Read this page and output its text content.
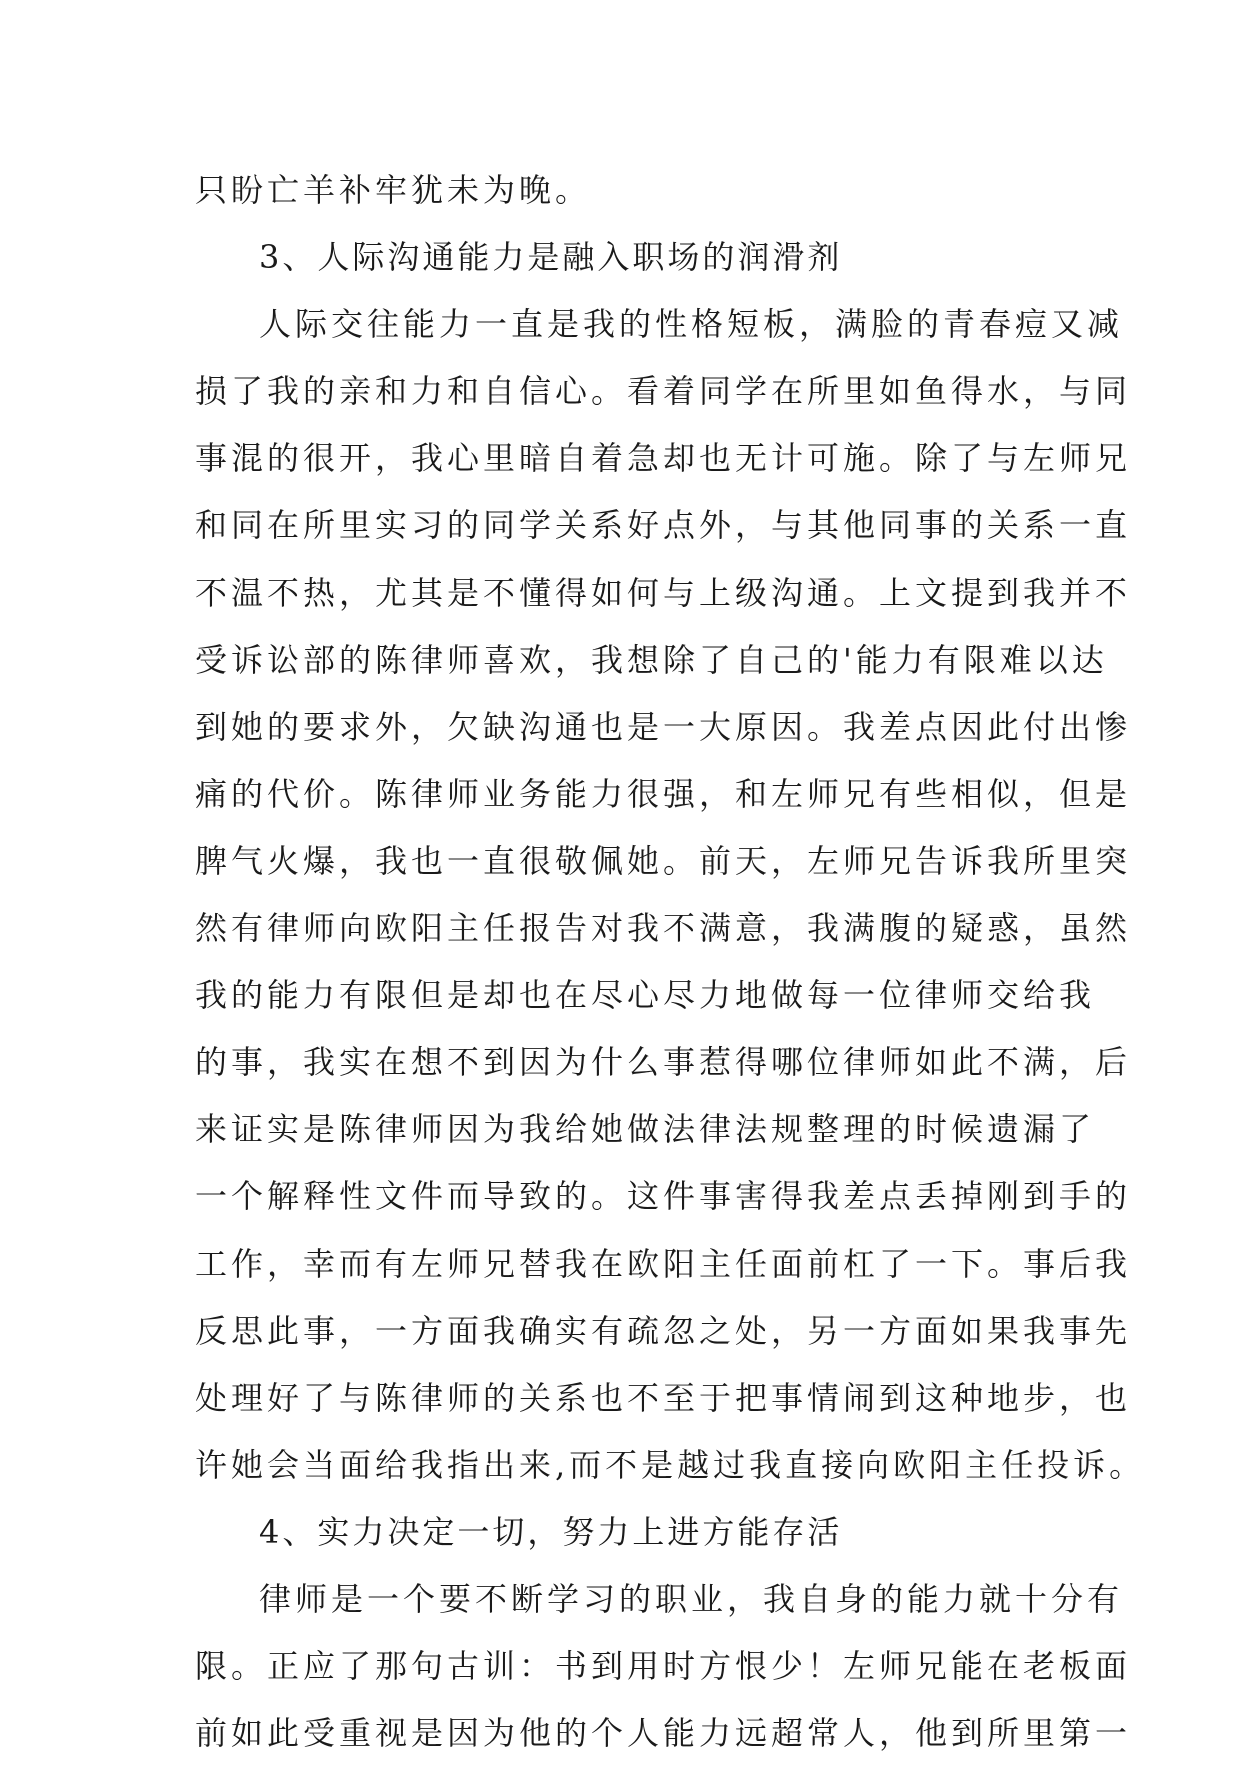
只盼亡羊补牢犹未为晚。
3、人际沟通能力是融入职场的润滑剂
人际交往能力一直是我的性格短板，满脸的青春痘又减
损了我的亲和力和自信心。看着同学在所里如鱼得水，与同
事混的很开，我心里暗自着急却也无计可施。除了与左师兄
和同在所里实习的同学关系好点外，与其他同事的关系一直
不温不热，尤其是不懂得如何与上级沟通。上文提到我并不
受诉讼部的陈律师喜欢，我想除了自己的'能力有限难以达
到她的要求外，欠缺沟通也是一大原因。我差点因此付出惨
痛的代价。陈律师业务能力很强，和左师兄有些相似，但是
脾气火爆，我也一直很敬佩她。前天，左师兄告诉我所里突
然有律师向欧阳主任报告对我不满意，我满腹的疑惑，虽然
我的能力有限但是却也在尽心尽力地做每一位律师交给我
的事，我实在想不到因为什么事惹得哪位律师如此不满，后
来证实是陈律师因为我给她做法律法规整理的时候遗漏了
一个解释性文件而导致的。这件事害得我差点丢掉刚到手的
工作，幸而有左师兄替我在欧阳主任面前杠了一下。事后我
反思此事，一方面我确实有疏忽之处，另一方面如果我事先
处理好了与陈律师的关系也不至于把事情闹到这种地步，也
许她会当面给我指出来,而不是越过我直接向欧阳主任投诉。
4、实力决定一切，努力上进方能存活
律师是一个要不断学习的职业，我自身的能力就十分有
限。正应了那句古训：书到用时方恨少！左师兄能在老板面
前如此受重视是因为他的个人能力远超常人，他到所里第一
